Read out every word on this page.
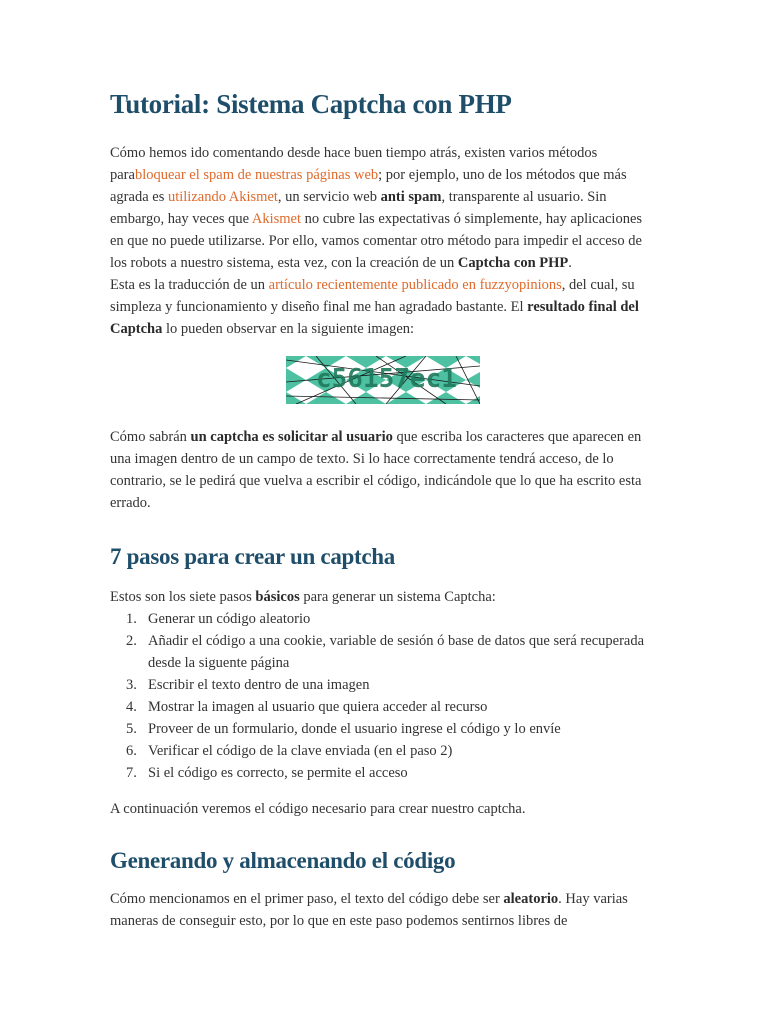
Tutorial: Sistema Captcha con PHP

Cómo hemos ido comentando desde hace buen tiempo atrás, existen varios métodos parabloquear el spam de nuestras páginas web; por ejemplo, uno de los métodos que más agrada es utilizando Akismet, un servicio web anti spam, transparente al usuario. Sin embargo, hay veces que Akismet no cubre las expectativas ó simplemente, hay aplicaciones en que no puede utilizarse. Por ello, vamos comentar otro método para impedir el acceso de los robots a nuestro sistema, esta vez, con la creación de un Captcha con PHP.

Esta es la traducción de un artículo recientemente publicado en fuzzyopinions, del cual, su simpleza y funcionamiento y diseño final me han agradado bastante. El resultado final del Captcha lo pueden observar en la siguiente imagen:

c56157ec1

Cómo sabrán un captcha es solicitar al usuario que escriba los caracteres que aparecen en una imagen dentro de un campo de texto. Si lo hace correctamente tendrá acceso, de lo contrario, se le pedirá que vuelva a escribir el código, indicándole que lo que ha escrito esta errado.

7 pasos para crear un captcha

Estos son los siete pasos básicos para generar un sistema Captcha:

1. Generar un código aleatorio
2. Añadir el código a una cookie, variable de sesión ó base de datos que será recuperada desde la siguente página
3. Escribir el texto dentro de una imagen
4. Mostrar la imagen al usuario que quiera acceder al recurso
5. Proveer de un formulario, donde el usuario ingrese el código y lo envíe
6. Verificar el código de la clave enviada (en el paso 2)
7. Si el código es correcto, se permite el acceso

A continuación veremos el código necesario para crear nuestro captcha.

Generando y almacenando el código

Cómo mencionamos en el primer paso, el texto del código debe ser aleatorio. Hay varias maneras de conseguir esto, por lo que en este paso podemos sentirnos libres de
